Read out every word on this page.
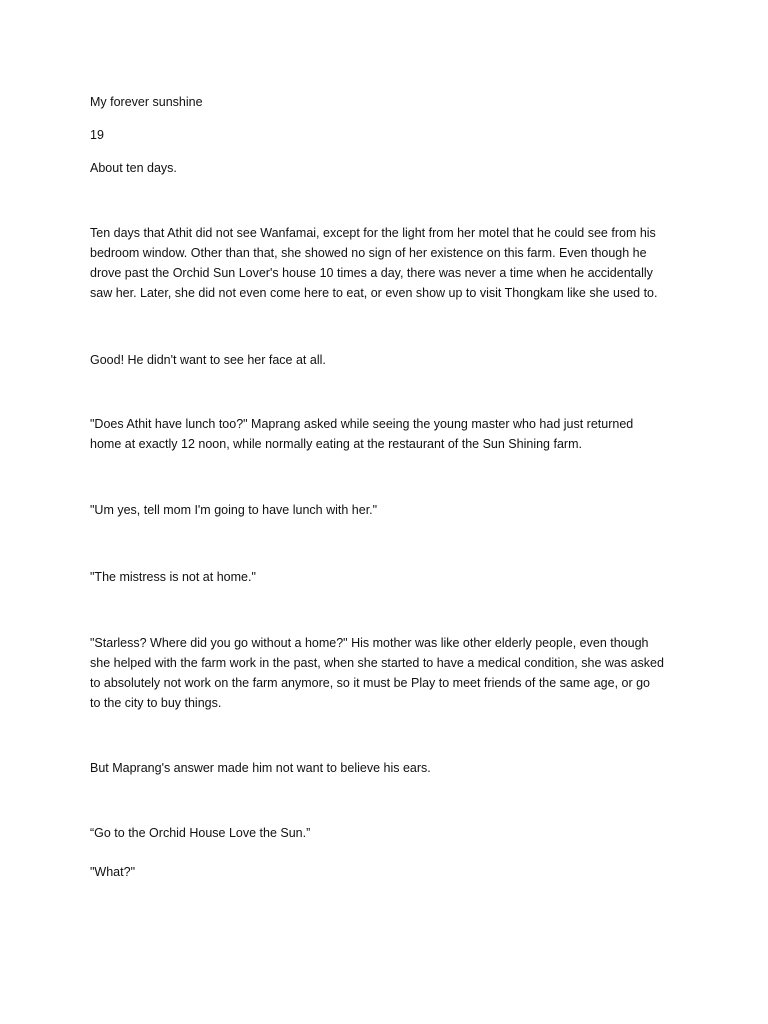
My forever sunshine

19

About ten days.

Ten days that Athit did not see Wanfamai, except for the light from her motel that he could see from his
bedroom window. Other than that, she showed no sign of her existence on this farm. Even though he
drove past the Orchid Sun Lover's house 10 times a day, there was never a time when he accidentally
saw her. Later, she did not even come here to eat, or even show up to visit Thongkam like she used to.
Good! He didn't want to see her face at all.
"Does Athit have lunch too?" Maprang asked while seeing the young master who had just returned
home at exactly 12 noon, while normally eating at the restaurant of the Sun Shining farm.
"Um yes, tell mom I'm going to have lunch with her."
"The mistress is not at home."
"Starless? Where did you go without a home?" His mother was like other elderly people, even though
she helped with the farm work in the past, when she started to have a medical condition, she was asked
to absolutely not work on the farm anymore, so it must be Play to meet friends of the same age, or go
to the city to buy things.
But Maprang's answer made him not want to believe his ears.
“Go to the Orchid House Love the Sun.”
"What?"
